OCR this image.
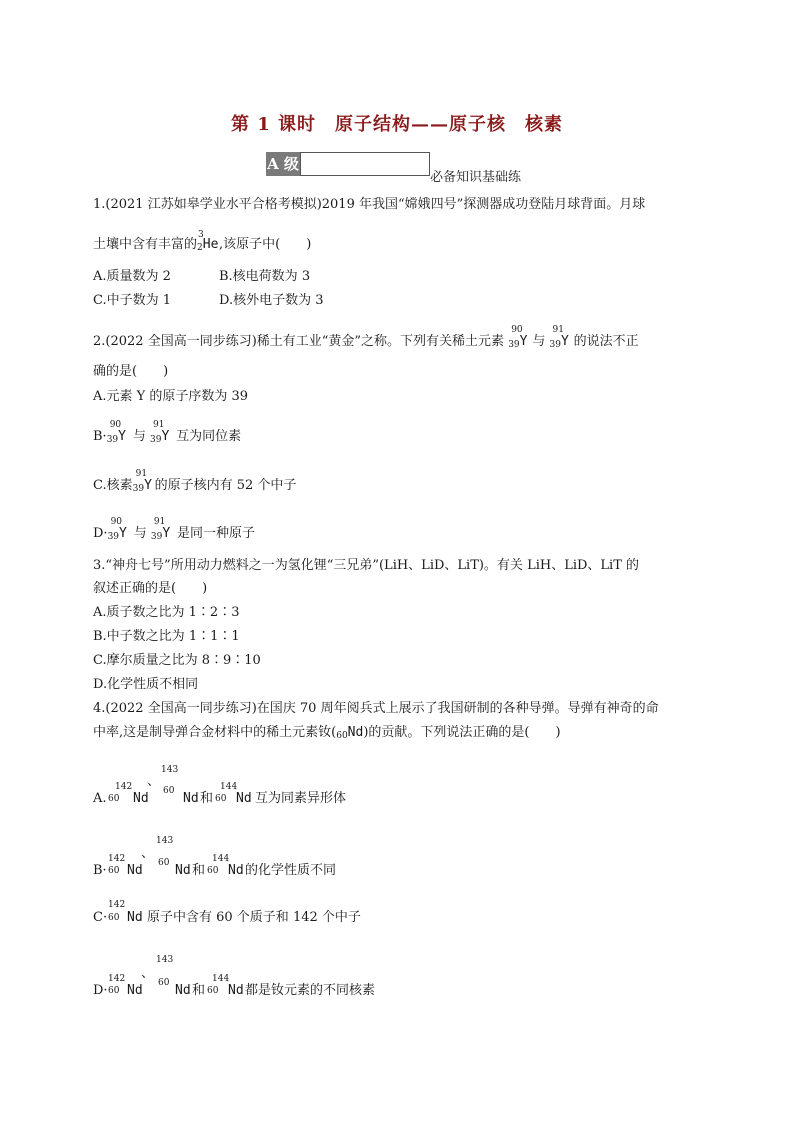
第 1 课时　原子结构——原子核　核素
A 级
必备知识基础练
1.(2021 江苏如皋学业水平合格考模拟)2019 年我国“嫦娥四号”探测器成功登陆月球背面。月球
土壤中含有丰富的
3
$_2$He,该原子中(　　)
A.质量数为 2	B.核电荷数为 3
C.中子数为 1	D.核外电子数为 3
2.(2022 全国高一同步练习)稀土有工业“黄金”之称。下列有关稀土元素
90
$_{39}$Y 与
91
$_{39}$Y 的说法不正
确的是(　　)
A.元素 Y 的原子序数为 39
B·
90
$_{39}$Y 与
91
$_{39}$Y 互为同位素
C.核素
91
$_{39}$Y 的原子核内有 52 个中子
D·
90
$_{39}$Y 与
91
$_{39}$Y 是同一种原子
3.“神舟七号”所用动力燃料之一为氢化锂“三兄弟”(LiH、LiD、LiT)。有关 LiH、LiD、LiT 的
叙述正确的是(　　)
A.质子数之比为 1∶2∶3
B.中子数之比为 1∶1∶1
C.摩尔质量之比为 8∶9∶10
D.化学性质不相同
4.(2022 全国高一同步练习)在国庆 70 周年阅兵式上展示了我国研制的各种导弹。导弹有神奇的命
中率,这是制导弹合金材料中的稀土元素钕$(_{60}Nd)$的贡献。下列说法正确的是(　　)
A.
142
60 Nd
、
143
60 Nd 和
144
60 Nd 互为同素异形体
B·
142
60 Nd
、
143
60 Nd 和
144
60 Nd 的化学性质不同
C·
142
60 Nd 原子中含有 60 个质子和 142 个中子
D·
142
60 Nd
、
143
60 Nd 和
144
60 Nd 都是钕元素的不同核素
